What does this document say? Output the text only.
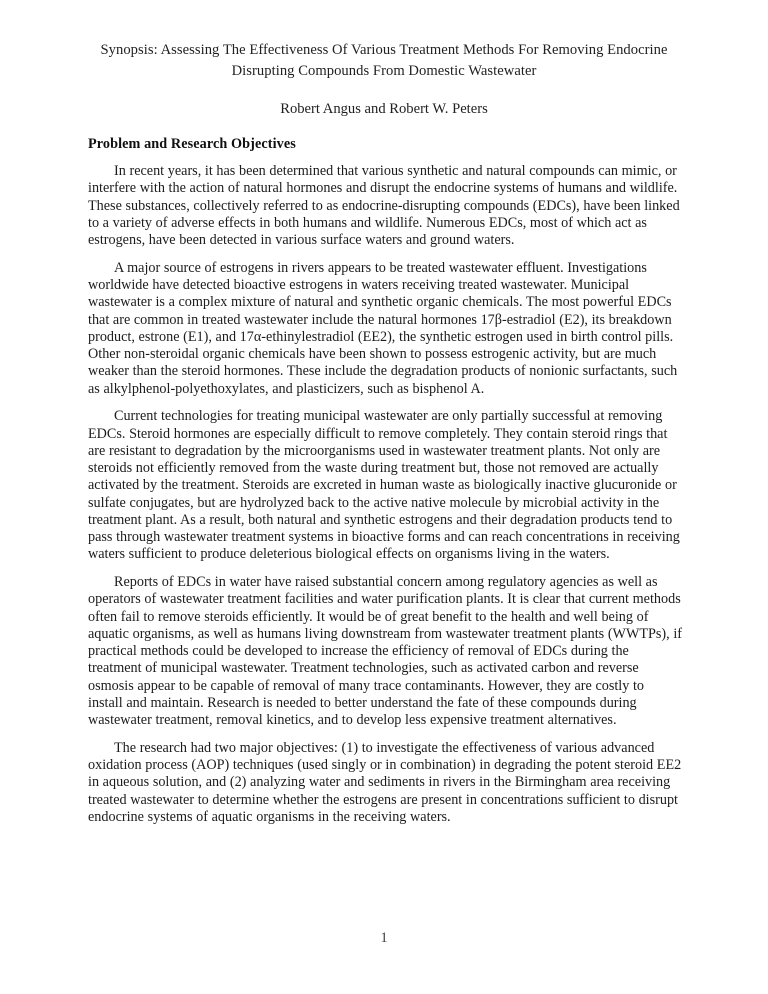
Synopsis: Assessing The Effectiveness Of Various Treatment Methods For Removing Endocrine Disrupting Compounds From Domestic Wastewater
Robert Angus and Robert W. Peters
Problem and Research Objectives

In recent years, it has been determined that various synthetic and natural compounds can mimic, or interfere with the action of natural hormones and disrupt the endocrine systems of humans and wildlife. These substances, collectively referred to as endocrine-disrupting compounds (EDCs), have been linked to a variety of adverse effects in both humans and wildlife. Numerous EDCs, most of which act as estrogens, have been detected in various surface waters and ground waters.

A major source of estrogens in rivers appears to be treated wastewater effluent. Investigations worldwide have detected bioactive estrogens in waters receiving treated wastewater. Municipal wastewater is a complex mixture of natural and synthetic organic chemicals. The most powerful EDCs that are common in treated wastewater include the natural hormones 17β-estradiol (E2), its breakdown product, estrone (E1), and 17α-ethinylestradiol (EE2), the synthetic estrogen used in birth control pills. Other non-steroidal organic chemicals have been shown to possess estrogenic activity, but are much weaker than the steroid hormones. These include the degradation products of nonionic surfactants, such as alkylphenol-polyethoxylates, and plasticizers, such as bisphenol A.

Current technologies for treating municipal wastewater are only partially successful at removing EDCs. Steroid hormones are especially difficult to remove completely. They contain steroid rings that are resistant to degradation by the microorganisms used in wastewater treatment plants. Not only are steroids not efficiently removed from the waste during treatment but, those not removed are actually activated by the treatment. Steroids are excreted in human waste as biologically inactive glucuronide or sulfate conjugates, but are hydrolyzed back to the active native molecule by microbial activity in the treatment plant. As a result, both natural and synthetic estrogens and their degradation products tend to pass through wastewater treatment systems in bioactive forms and can reach concentrations in receiving waters sufficient to produce deleterious biological effects on organisms living in the waters.

Reports of EDCs in water have raised substantial concern among regulatory agencies as well as operators of wastewater treatment facilities and water purification plants. It is clear that current methods often fail to remove steroids efficiently. It would be of great benefit to the health and well being of aquatic organisms, as well as humans living downstream from wastewater treatment plants (WWTPs), if practical methods could be developed to increase the efficiency of removal of EDCs during the treatment of municipal wastewater. Treatment technologies, such as activated carbon and reverse osmosis appear to be capable of removal of many trace contaminants. However, they are costly to install and maintain. Research is needed to better understand the fate of these compounds during wastewater treatment, removal kinetics, and to develop less expensive treatment alternatives.

The research had two major objectives: (1) to investigate the effectiveness of various advanced oxidation process (AOP) techniques (used singly or in combination) in degrading the potent steroid EE2 in aqueous solution, and (2) analyzing water and sediments in rivers in the Birmingham area receiving treated wastewater to determine whether the estrogens are present in concentrations sufficient to disrupt endocrine systems of aquatic organisms in the receiving waters.

1
